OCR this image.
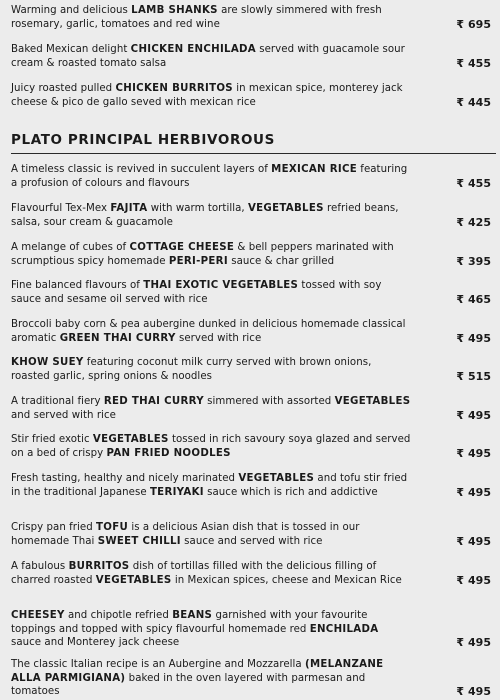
Warming and delicious LAMB SHANKS are slowly simmered with fresh rosemary, garlic, tomatoes and red wine	₹ 695
Baked Mexican delight CHICKEN ENCHILADA served with guacamole sour cream & roasted tomato salsa	₹ 455
Juicy roasted pulled CHICKEN BURRITOS in mexican spice, monterey jack cheese & pico de gallo seved with mexican rice	₹ 445
PLATO PRINCIPAL HERBIVOROUS
A timeless classic is revived in succulent layers of MEXICAN RICE featuring a profusion of colours and flavours	₹ 455
Flavourful Tex-Mex FAJITA with warm tortilla, VEGETABLES refried beans, salsa, sour cream & guacamole	₹ 425
A melange of cubes of COTTAGE CHEESE & bell peppers marinated with scrumptious spicy homemade PERI-PERI sauce & char grilled	₹ 395
Fine balanced flavours of THAI EXOTIC VEGETABLES tossed with soy sauce and sesame oil served with rice	₹ 465
Broccoli baby corn & pea aubergine dunked in delicious homemade classical aromatic GREEN THAI CURRY served with rice	₹ 495
KHOW SUEY featuring coconut milk curry served with brown onions, roasted garlic, spring onions & noodles	₹ 515
A traditional fiery RED THAI CURRY simmered with assorted VEGETABLES and served with rice	₹ 495
Stir fried exotic VEGETABLES tossed in rich savoury soya glazed and served on a bed of crispy PAN FRIED NOODLES	₹ 495
Fresh tasting, healthy and nicely marinated VEGETABLES and tofu stir fried in the traditional Japanese TERIYAKI sauce which is rich and addictive	₹ 495
Crispy pan fried TOFU is a delicious Asian dish that is tossed in our homemade Thai SWEET CHILLI sauce and served with rice	₹ 495
A fabulous BURRITOS dish of tortillas filled with the delicious filling of charred roasted VEGETABLES in Mexican spices, cheese and Mexican Rice	₹ 495
CHEESEY and chipotle refried BEANS garnished with your favourite toppings and topped with spicy flavourful homemade red ENCHILADA sauce and Monterey jack cheese	₹ 495
The classic Italian recipe is an Aubergine and Mozzarella (MELANZANE ALLA PARMIGIANA) baked in the oven layered with parmesan and tomatoes	₹ 495
